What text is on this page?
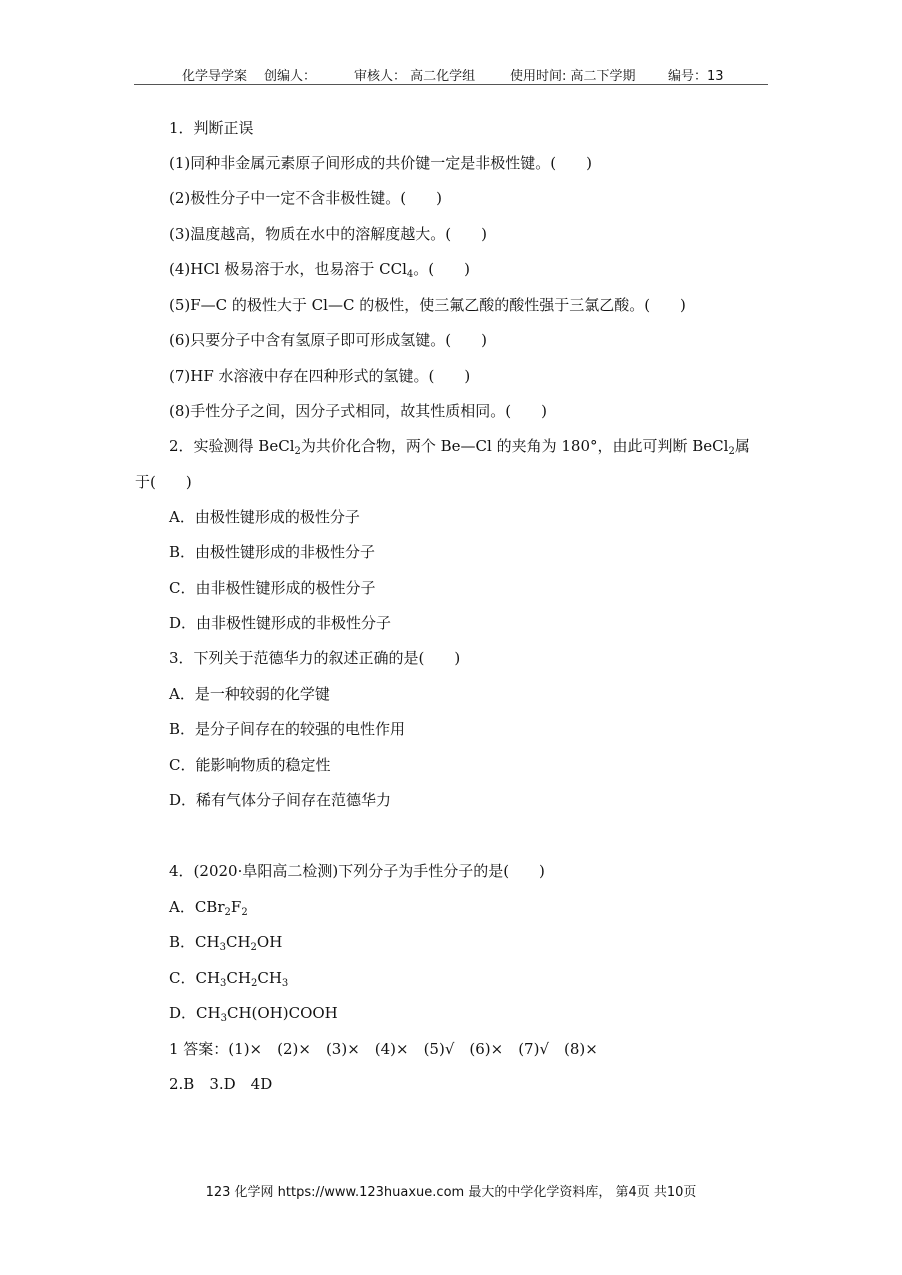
化学导学案 创编人：	审核人： 高二化学组	使用时间: 高二下学期 编号：13
1．判断正误
(1)同种非金属元素原子间形成的共价键一定是非极性键。(　　)
(2)极性分子中一定不含非极性键。(　　)
(3)温度越高，物质在水中的溶解度越大。(　　)
(4)HCl 极易溶于水，也易溶于 CCl$_4$。(　　)
(5)F—C 的极性大于 Cl—C 的极性，使三氟乙酸的酸性强于三氯乙酸。(　　)
(6)只要分子中含有氢原子即可形成氢键。(　　)
(7)HF 水溶液中存在四种形式的氢键。(　　)
(8)手性分子之间，因分子式相同，故其性质相同。(　　)
2．实验测得 BeCl$_2$为共价化合物，两个 Be—Cl 的夹角为 180°，由此可判断 BeCl$_2$属
于(　　)
A．由极性键形成的极性分子
B．由极性键形成的非极性分子
C．由非极性键形成的极性分子
D．由非极性键形成的非极性分子
3．下列关于范德华力的叙述正确的是(　　)
A．是一种较弱的化学键
B．是分子间存在的较强的电性作用
C．能影响物质的稳定性
D．稀有气体分子间存在范德华力
4．(2020·阜阳高二检测)下列分子为手性分子的是(　　)
A．$CBr_2F_2$
B．$CH_3CH_2OH$
C．$CH_3CH_2CH_3$
D．$CH_3CH(OH)COOH$
1 答案：(1)×　(2)×　(3)×　(4)×　(5)√　(6)×　(7)√　(8)×
2.B　3.D　4D
123 化学网 https://www.123huaxue.com 最大的中学化学资料库， 第4页 共10页
